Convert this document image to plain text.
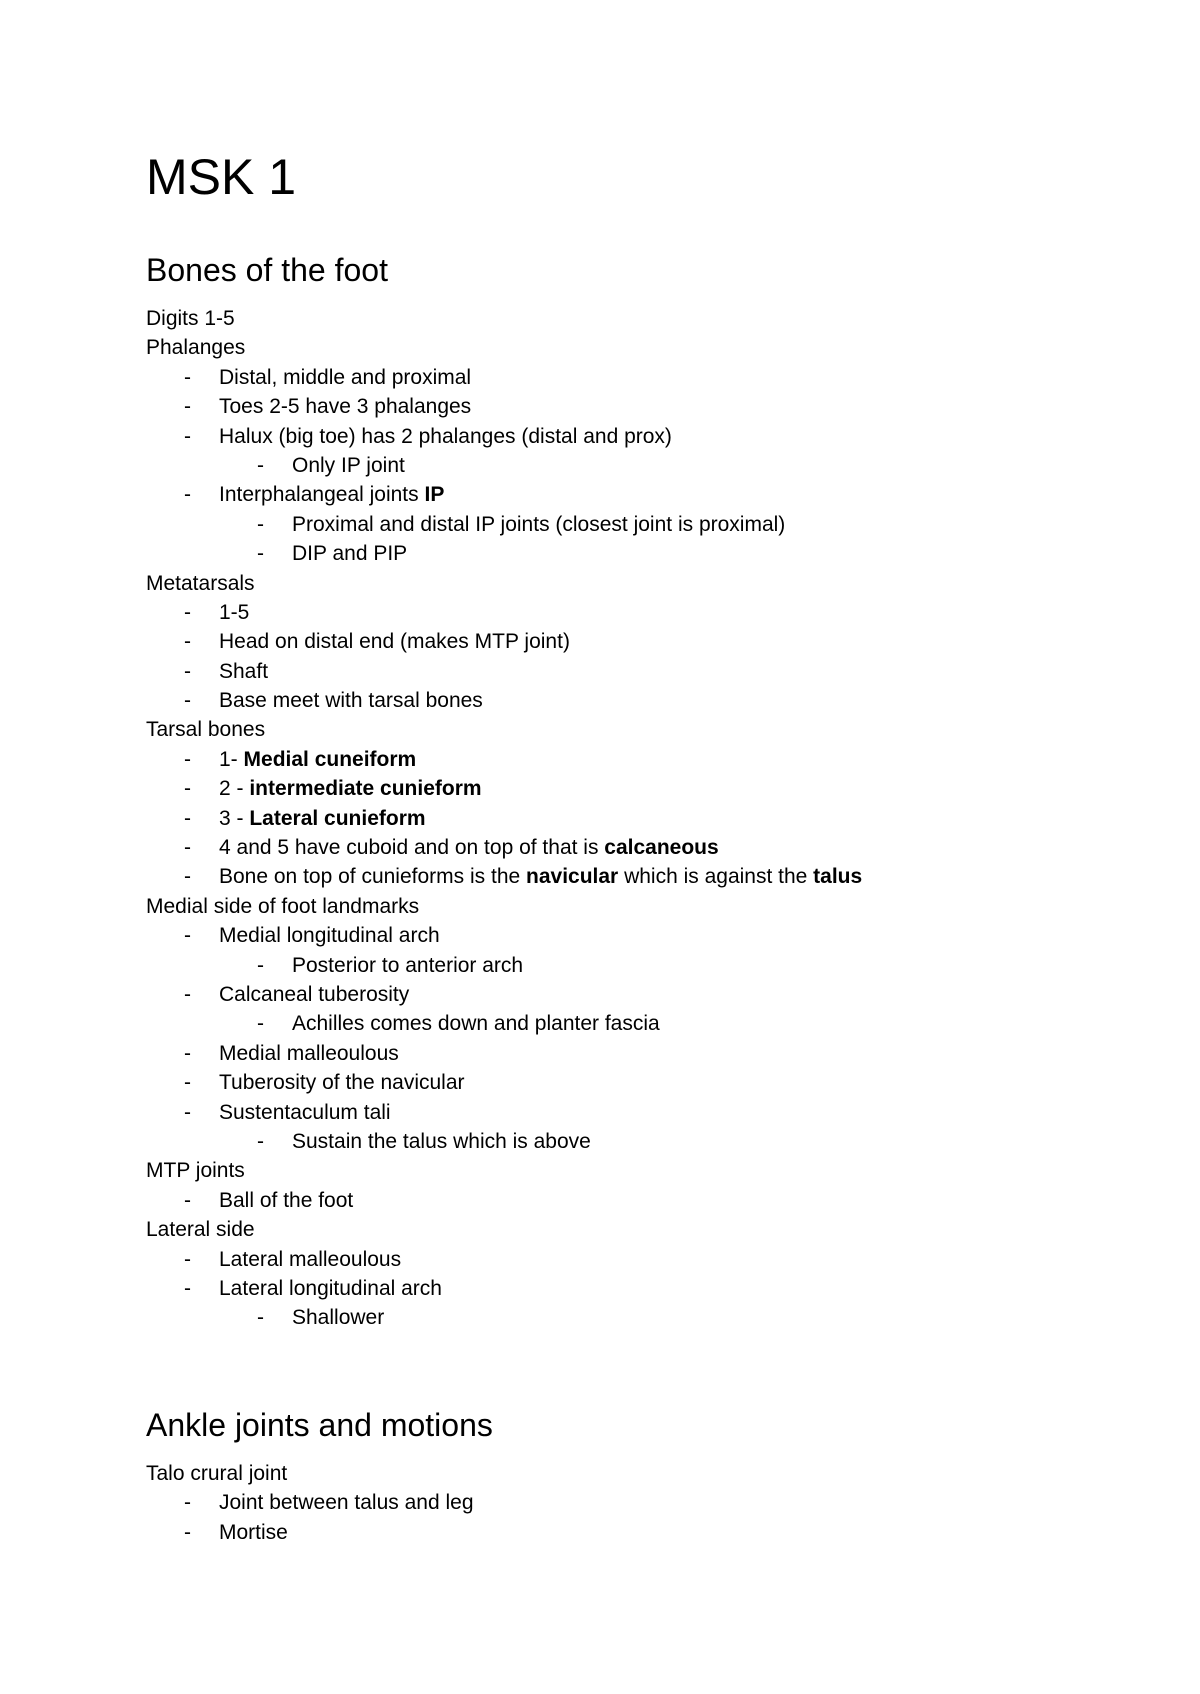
MSK 1
Bones of the foot
Digits 1-5
Phalanges
-	Distal, middle and proximal
-	Toes 2-5 have 3 phalanges
-	Halux (big toe) has 2 phalanges (distal and prox)
-	Only IP joint
-	Interphalangeal joints IP
-	Proximal and distal IP joints (closest joint is proximal)
-	DIP and PIP
Metatarsals
-	1-5
-	Head on distal end (makes MTP joint)
-	Shaft
-	Base meet with tarsal bones
Tarsal bones
-	1- Medial cuneiform
-	2 - intermediate cunieform
-	3 - Lateral cunieform
-	4 and 5 have cuboid and on top of that is calcaneous
-	Bone on top of cunieforms is the navicular which is against the talus
Medial side of foot landmarks
-	Medial longitudinal arch
-	Posterior to anterior arch
-	Calcaneal tuberosity
-	Achilles comes down and planter fascia
-	Medial malleoulous
-	Tuberosity of the navicular
-	Sustentaculum tali
-	Sustain the talus which is above
MTP joints
-	Ball of the foot
Lateral side
-	Lateral malleoulous
-	Lateral longitudinal arch
-	Shallower
Ankle joints and motions
Talo crural joint
-	Joint between talus and leg
-	Mortise
